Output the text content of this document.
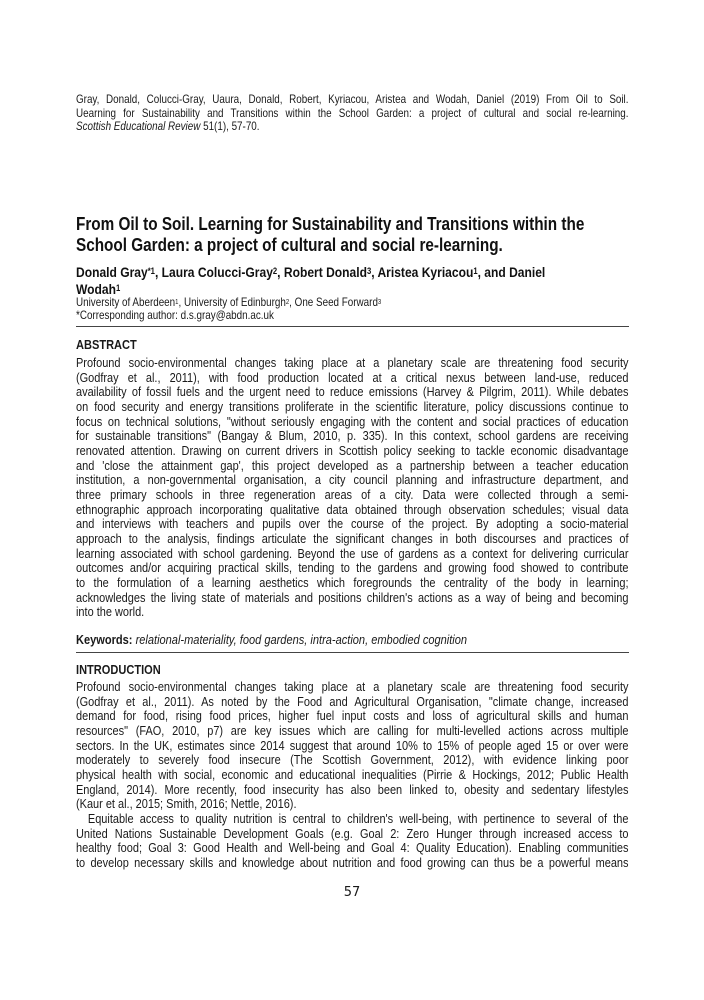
Gray, Donald, Colucci-Gray, Uaura, Donald, Robert, Kyriacou, Aristea and Wodah, Daniel (2019) From Oil to Soil.
Uearning for Sustainability and Transitions within the School Garden: a project of cultural and social re-learning.
Scottish Educational Review 51(1), 57-70.
From Oil to Soil. Learning for Sustainability and Transitions within the
School Garden: a project of cultural and social re-learning.
Donald Gray$^{*1}$, Laura Colucci-Gray$^2$, Robert Donald$^3$, Aristea Kyriacou$^1$, and Daniel
Wodah$^1$
University of Aberdeen$^1$, University of Edinburgh$^2$, One Seed Forward$^3$
*Corresponding author: d.s.gray@abdn.ac.uk
ABSTRACT
Profound socio-environmental changes taking place at a planetary scale are threatening food security
(Godfray et al., 2011), with food production located at a critical nexus between land-use, reduced
availability of fossil fuels and the urgent need to reduce emissions (Harvey & Pilgrim, 2011). While debates
on food security and energy transitions proliferate in the scientific literature, policy discussions continue to
focus on technical solutions, "without seriously engaging with the content and social practices of education
for sustainable transitions" (Bangay & Blum, 2010, p. 335). In this context, school gardens are receiving
renovated attention. Drawing on current drivers in Scottish policy seeking to tackle economic disadvantage
and 'close the attainment gap', this project developed as a partnership between a teacher education
institution, a non-governmental organisation, a city council planning and infrastructure department, and
three primary schools in three regeneration areas of a city. Data were collected through a semi-
ethnographic approach incorporating qualitative data obtained through observation schedules; visual data
and interviews with teachers and pupils over the course of the project. By adopting a socio-material
approach to the analysis, findings articulate the significant changes in both discourses and practices of
learning associated with school gardening. Beyond the use of gardens as a context for delivering curricular
outcomes and/or acquiring practical skills, tending to the gardens and growing food showed to contribute
to the formulation of a learning aesthetics which foregrounds the centrality of the body in learning;
acknowledges the living state of materials and positions children's actions as a way of being and becoming
into the world.
Keywords: relational-materiality, food gardens, intra-action, embodied cognition
INTRODUCTION
Profound socio-environmental changes taking place at a planetary scale are threatening food security
(Godfray et al., 2011). As noted by the Food and Agricultural Organisation, "climate change, increased
demand for food, rising food prices, higher fuel input costs and loss of agricultural skills and human
resources" (FAO, 2010, p7) are key issues which are calling for multi-levelled actions across multiple
sectors. In the UK, estimates since 2014 suggest that around 10% to 15% of people aged 15 or over were
moderately to severely food insecure (The Scottish Government, 2012), with evidence linking poor
physical health with social, economic and educational inequalities (Pirrie & Hockings, 2012; Public Health
England, 2014). More recently, food insecurity has also been linked to, obesity and sedentary lifestyles
(Kaur et al., 2015; Smith, 2016; Nettle, 2016).
Equitable access to quality nutrition is central to children's well-being, with pertinence to several of the
United Nations Sustainable Development Goals (e.g. Goal 2: Zero Hunger through increased access to
healthy food; Goal 3: Good Health and Well-being and Goal 4: Quality Education). Enabling communities
to develop necessary skills and knowledge about nutrition and food growing can thus be a powerful means
57
